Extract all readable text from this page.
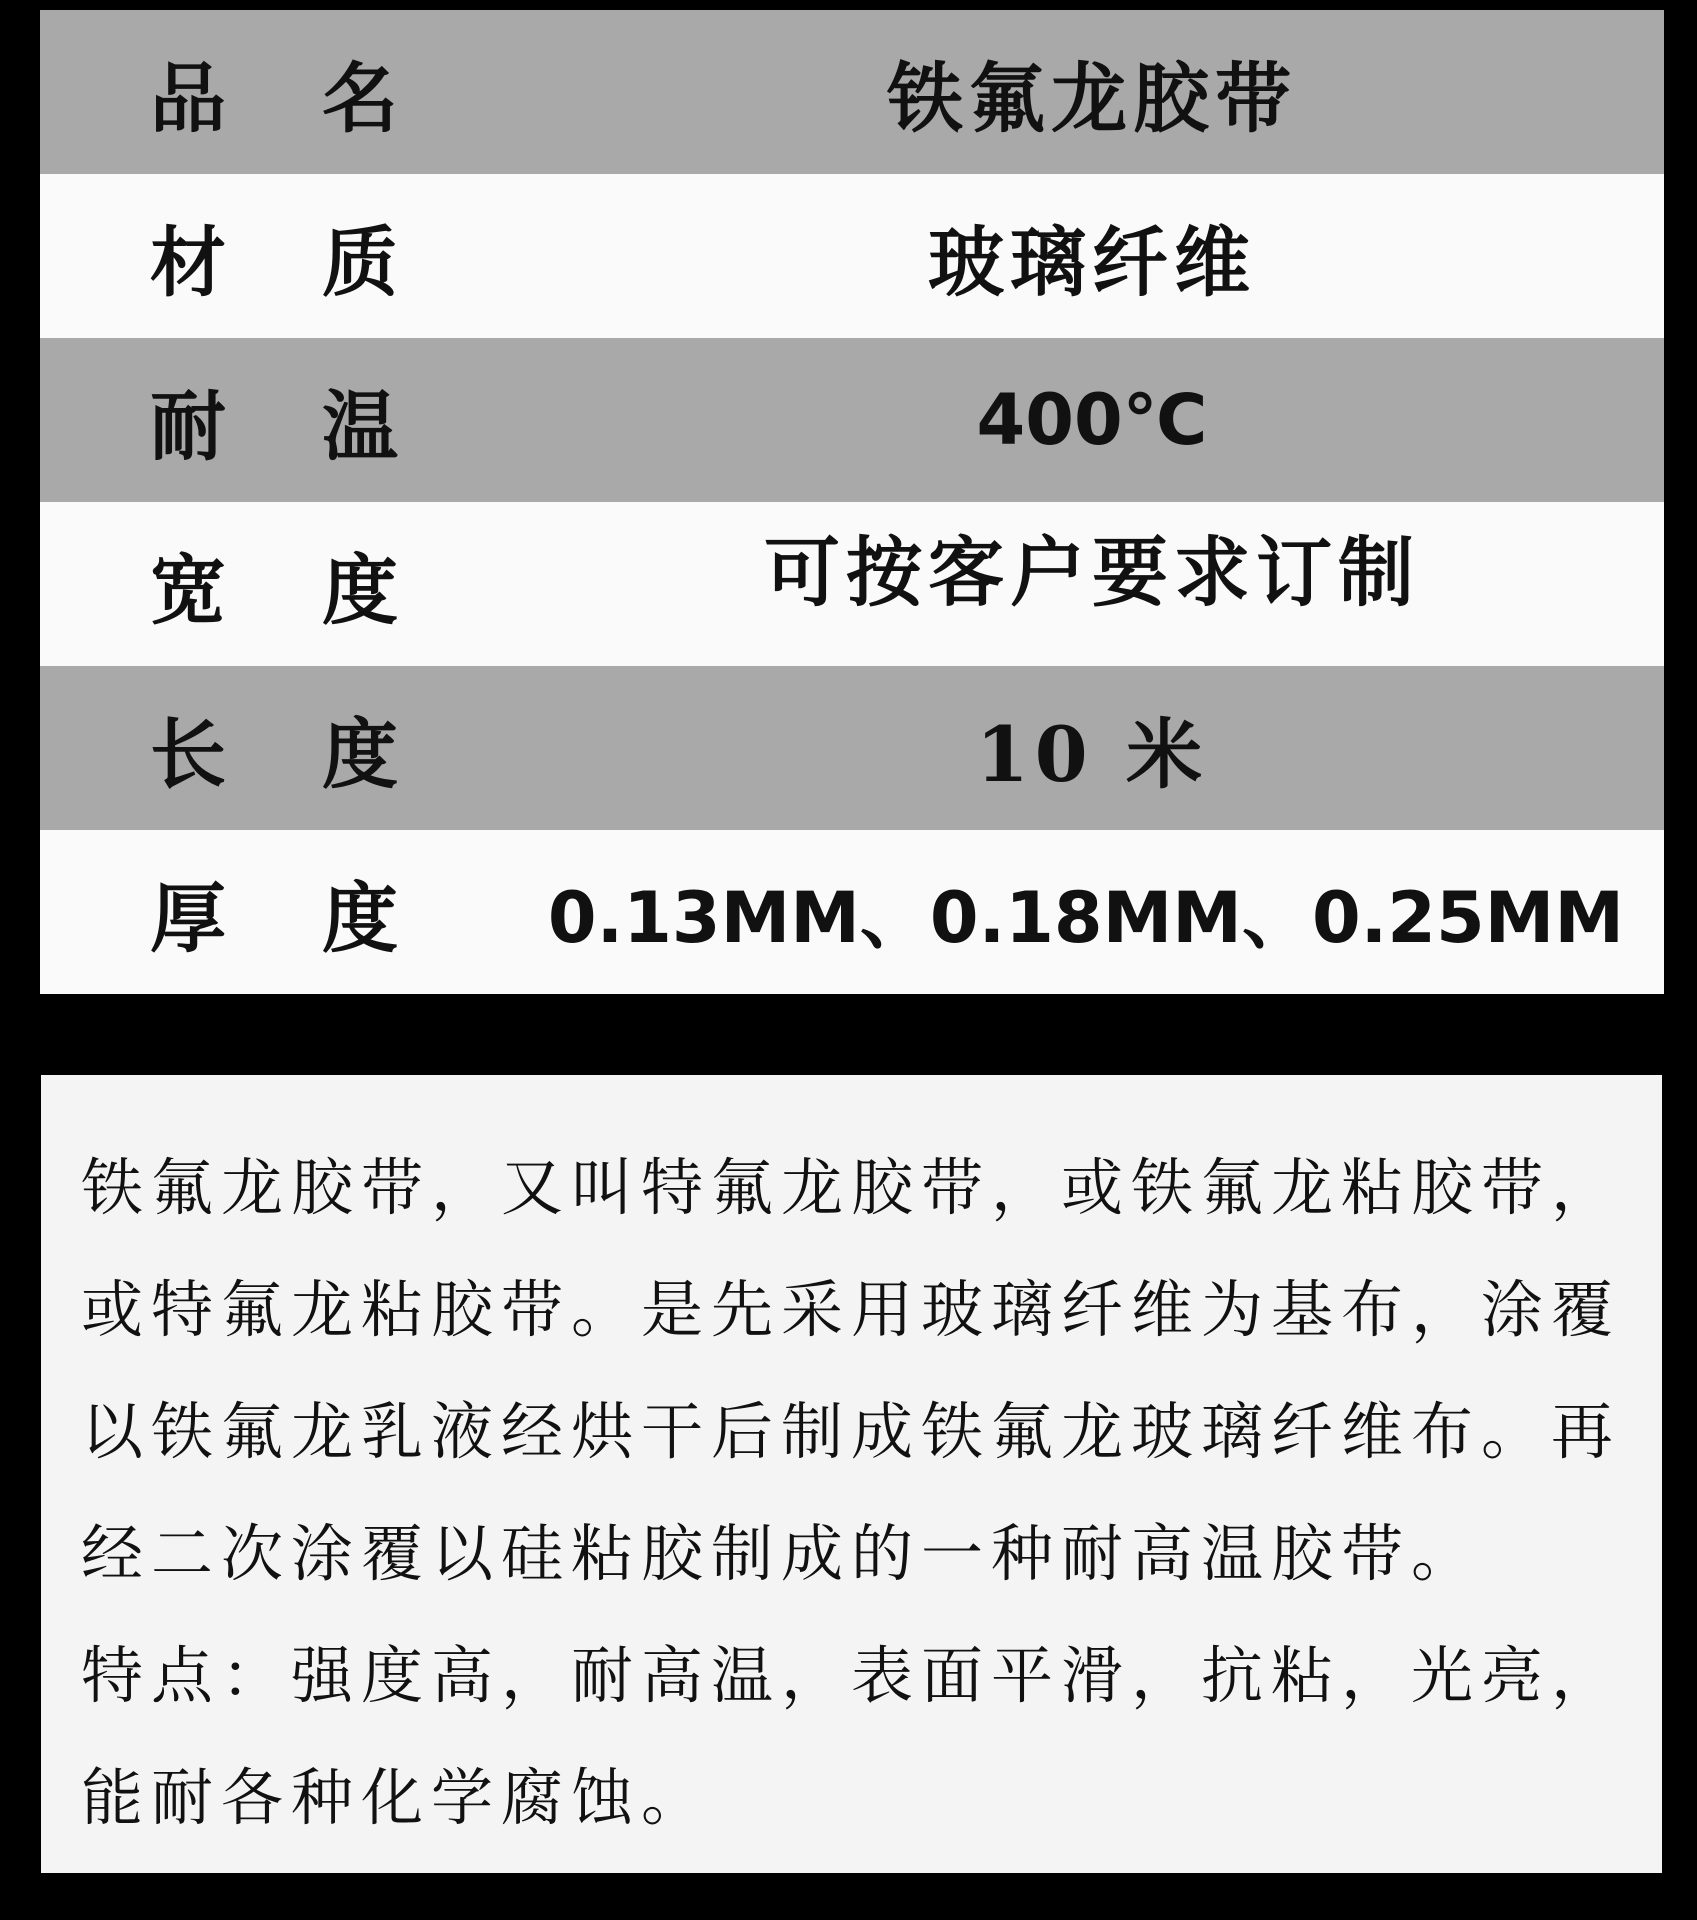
品名	铁氟龙胶带
材质	玻璃纤维
耐温	400℃
宽度	可按客户要求订制
长度	10 米
厚度 0.13MM、0.18MM、0.25MM

铁氟龙胶带，又叫特氟龙胶带，或铁氟龙粘胶带，或特氟龙粘胶带。是先采用玻璃纤维为基布，涂覆以铁氟龙乳液经烘干后制成铁氟龙玻璃纤维布。再经二次涂覆以硅粘胶制成的一种耐高温胶带。

特点：强度高，耐高温，表面平滑，抗粘，光亮，能耐各种化学腐蚀。
